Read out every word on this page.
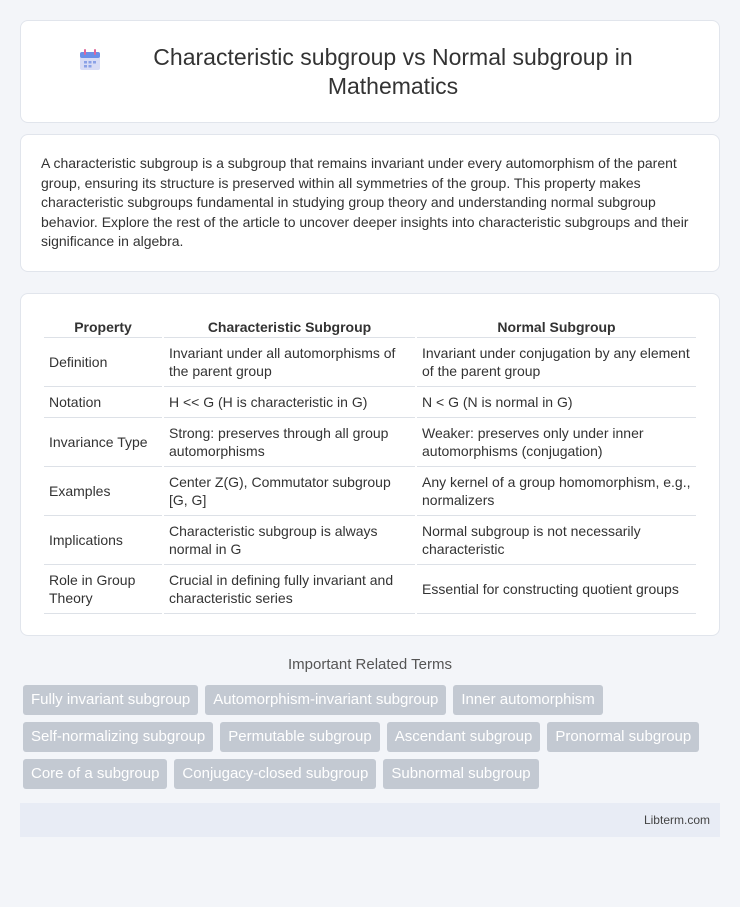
Characteristic subgroup vs Normal subgroup in Mathematics

A characteristic subgroup is a subgroup that remains invariant under every automorphism of the parent group, ensuring its structure is preserved within all symmetries of the group. This property makes characteristic subgroups fundamental in studying group theory and understanding normal subgroup behavior. Explore the rest of the article to uncover deeper insights into characteristic subgroups and their significance in algebra.

Property	Characteristic Subgroup	Normal Subgroup
Definition	Invariant under all automorphisms of the parent group	Invariant under conjugation by any element of the parent group
Notation	H << G (H is characteristic in G)	N < G (N is normal in G)
Invariance Type	Strong: preserves through all group automorphisms	Weaker: preserves only under inner automorphisms (conjugation)
Examples	Center Z(G), Commutator subgroup [G, G]	Any kernel of a group homomorphism, e.g., normalizers
Implications	Characteristic subgroup is always normal in G	Normal subgroup is not necessarily characteristic
Role in Group Theory	Crucial in defining fully invariant and characteristic series	Essential for constructing quotient groups
Important Related Terms
Fully invariant subgroup	Automorphism-invariant subgroup	Inner automorphism
Self-normalizing subgroup	Permutable subgroup	Ascendant subgroup	Pronormal subgroup
Core of a subgroup	Conjugacy-closed subgroup	Subnormal subgroup
Libterm.com
